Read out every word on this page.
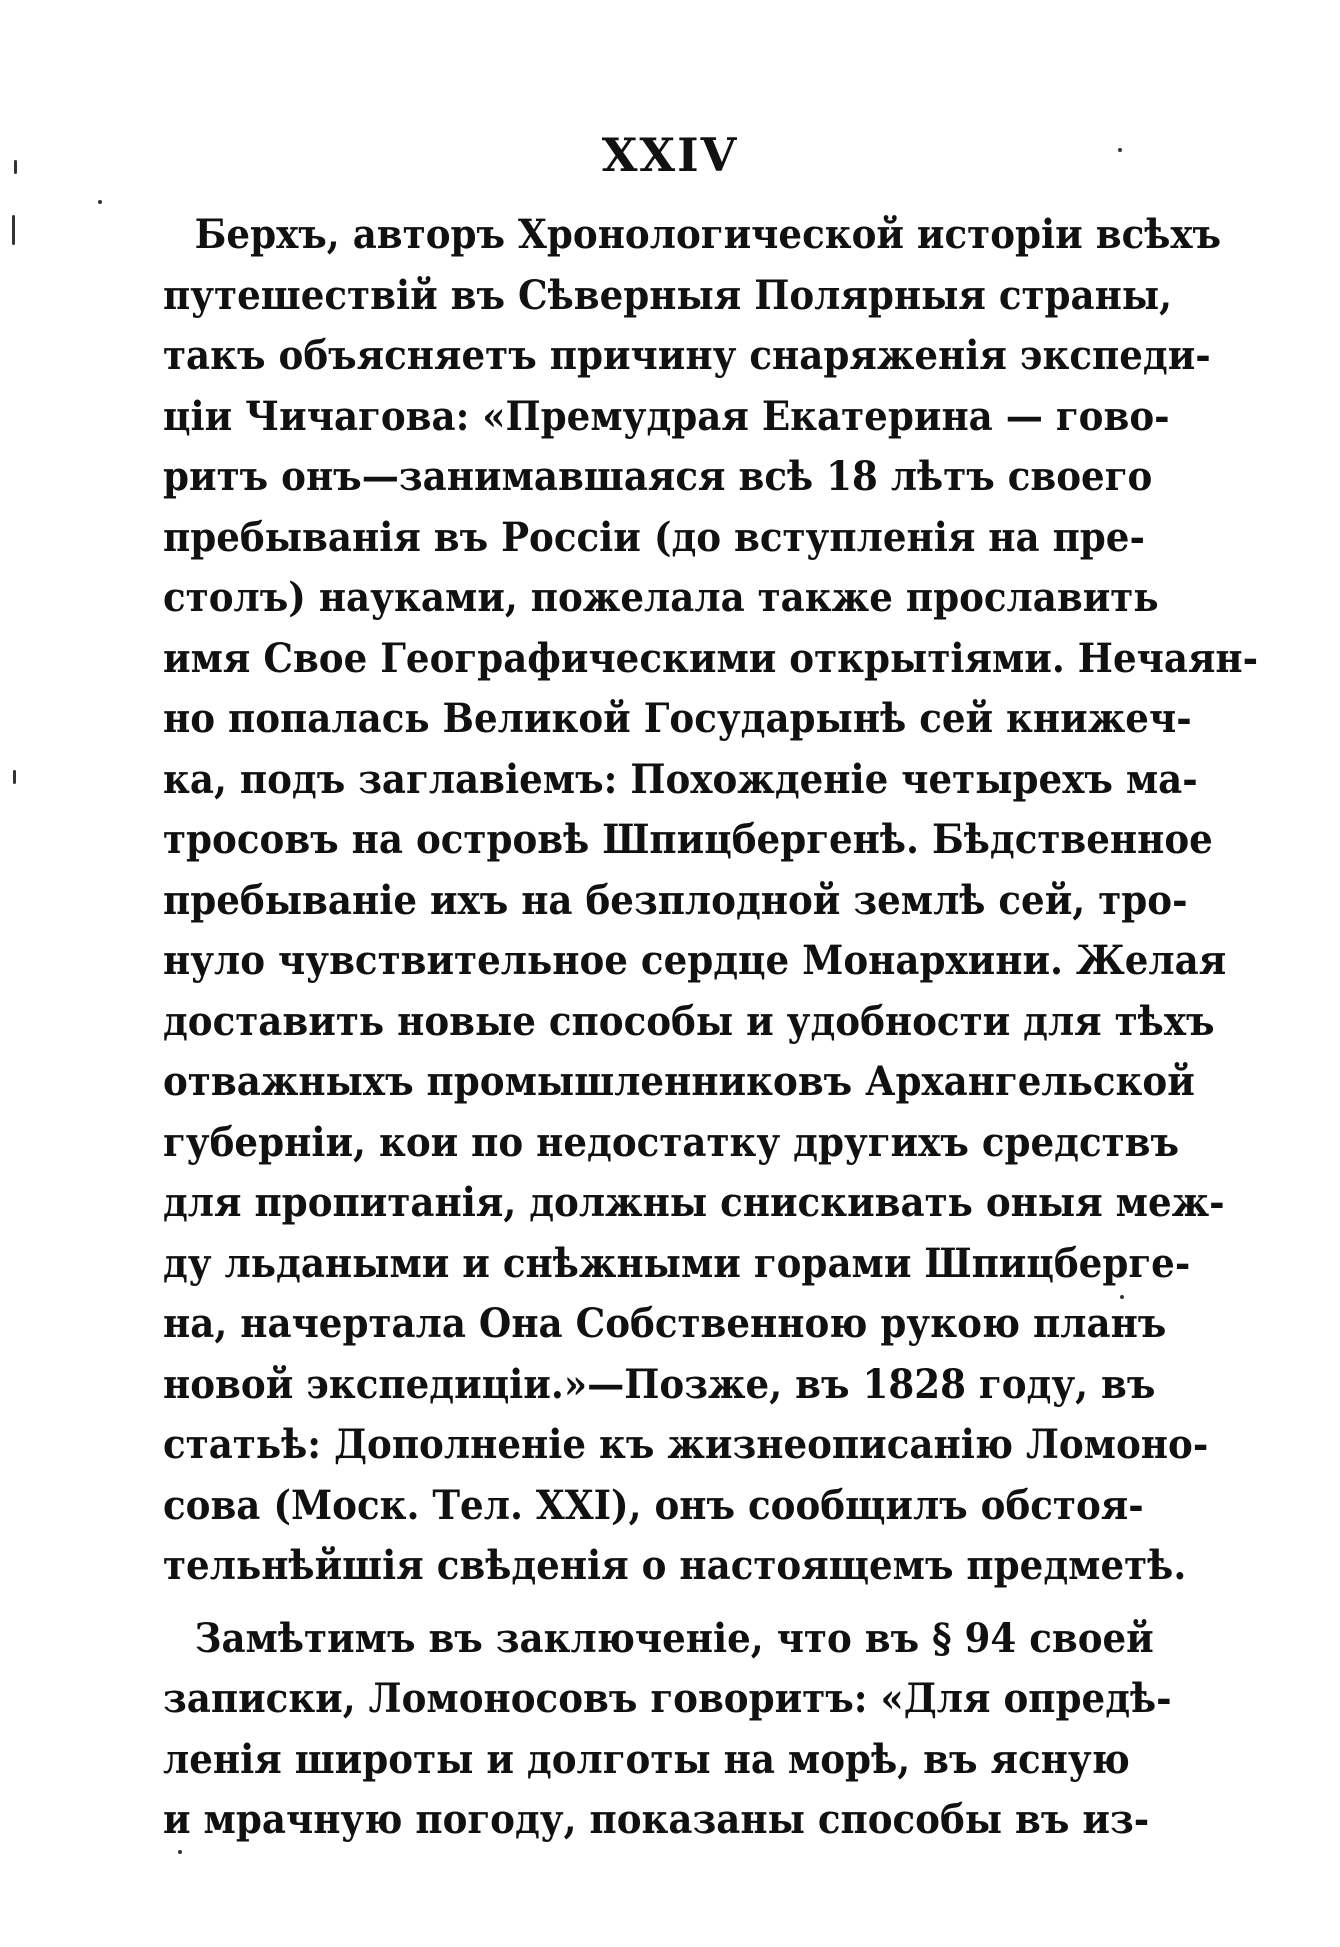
XXIV
Берхъ, авторъ Хронологической исторіи всѣхъ
путешествій въ Сѣверныя Полярныя страны,
такъ объясняетъ причину снаряженія экспеди-
ціи Чичагова: «Премудрая Екатерина — гово-
ритъ онъ—занимавшаяся всѣ 18 лѣтъ своего
пребыванія въ Россіи (до вступленія на пре-
столъ) науками, пожелала также прославить
имя Свое Географическими открытіями. Нечаян-
но попалась Великой Государынѣ сей книжеч-
ка, подъ заглавіемъ: Похожденіе четырехъ ма-
тросовъ на островѣ Шпицбергенѣ. Бѣдственное
пребываніе ихъ на безплодной землѣ сей, тро-
нуло чувствительное сердце Монархини. Желая
доставить новые способы и удобности для тѣхъ
отважныхъ промышленниковъ Архангельской
губерніи, кои по недостатку другихъ средствъ
для пропитанія, должны снискивать оныя меж-
ду льдаными и снѣжными горами Шпицберге-
на, начертала Она Собственною рукою планъ
новой экспедиціи.»—Позже, въ 1828 году, въ
статьѣ: Дополненіе къ жизнеописанію Ломоно-
сова (Моск. Тел. XXI), онъ сообщилъ обстоя-
тельнѣйшія свѣденія о настоящемъ предметѣ.
Замѣтимъ въ заключеніе, что въ § 94 своей
записки, Ломоносовъ говоритъ: «Для опредѣ-
ленія широты и долготы на морѣ, въ ясную
и мрачную погоду, показаны способы въ из-
